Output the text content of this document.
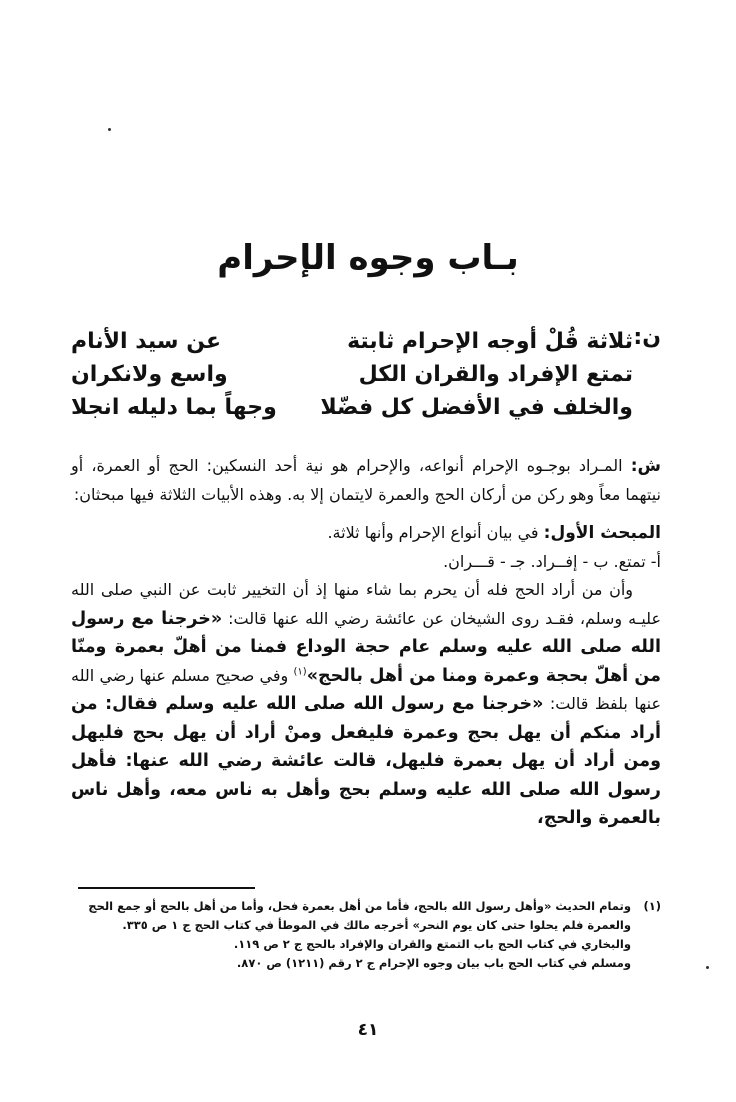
بـاب وجوه الإحرام
ن:
ثلاثة قُلْ أوجه الإحرام ثابتة
عن سيد الأنام
تمتع الإفراد والقران الكل
واسع ولانكران
والخلف في الأفضل كل فضّلا
وجهاً بما دليله انجلا

ش: المـراد بوجـوه الإحرام أنواعه، والإحرام هو نية أحد النسكين: الحج أو العمرة، أو نيتهما معاً وهو ركن من أركان الحج والعمرة لايتمان إلا به. وهذه الأبيات الثلاثة فيها مبحثان:

المبحث الأول: في بيان أنواع الإحرام وأنها ثلاثة.

أ- تمتع. ب - إفــراد. جـ - قـــران.

وأن من أراد الحج فله أن يحرم بما شاء منها إذ أن التخيير ثابت عن النبي صلى الله عليـه وسلم، فقـد روى الشيخان عن عائشة رضي الله عنها قالت: «خرجنا مع رسول الله صلى الله عليه وسلم عام حجة الوداع فمنا من أهلّ بعمرة ومنّا من أهلّ بحجة وعمرة ومنا من أهل بالحج»$^{(١)}$ وفي صحيح مسلم عنها رضي الله عنها بلفظ قالت: «خرجنا مع رسول الله صلى الله عليه وسلم فقال: من أراد منكم أن يهل بحج وعمرة فليفعل ومنْ أراد أن يهل بحج فليهل ومن أراد أن يهل بعمرة فليهل، قالت عائشة رضي الله عنها: فأهل رسول الله صلى الله عليه وسلم بحج وأهل به ناس معه، وأهل ناس بالعمرة والحج،

(١)وتمام الحديث «وأهل رسول الله بالحج، فأما من أهل بعمرة فحل، وأما من أهل بالحج أو جمع الحج

والعمرة فلم يحلوا حتى كان يوم النحر» أخرجه مالك في الموطأ في كتاب الحج ج ١ ص ٣٣٥.

والبخاري في كتاب الحج باب التمتع والقران والإفراد بالحج ج ٢ ص ١١٩.

ومسلم في كتاب الحج باب بيان وجوه الإحرام ج ٢ رقم (١٢١١) ص ٨٧٠.

٤١
